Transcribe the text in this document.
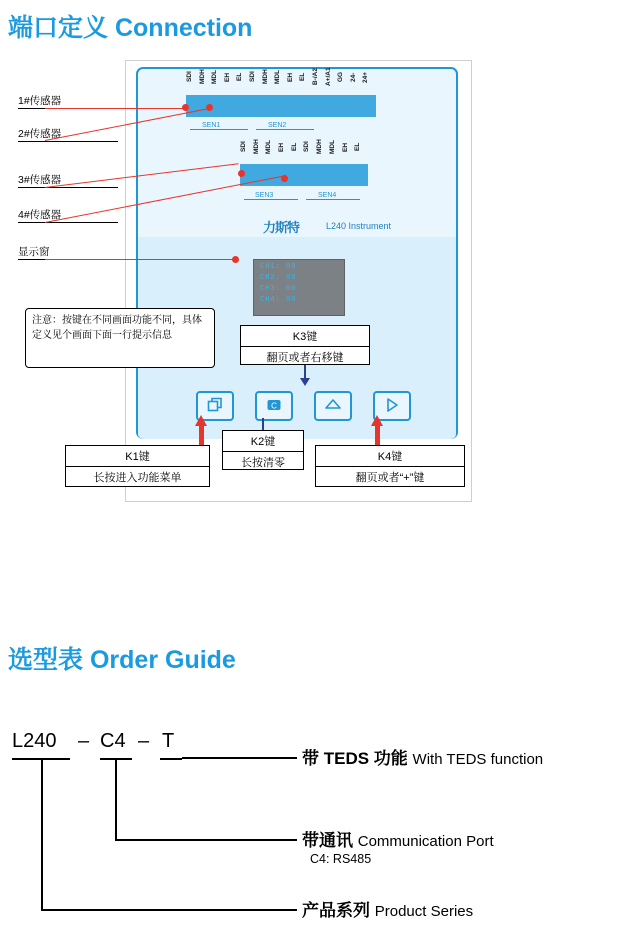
端口定义 Connection
SDI MDH MDL EH EL SDI MDH MDL EH EL B-/A2 A+/A1 GG 24- 24+
SEN1	SEN2
SDI MDH MDL EH EL SDI MDH MDL EH EL
SEN3	SEN4
力斯特	L240 Instrument
CH1: 00
CH2: 00
CH3: 00
CH4: 00
C
1#传感器
2#传感器
3#传感器
4#传感器
显示窗
注意：按键在不同画面功能不同，具体定义见个画面下面一行提示信息	K3键
翻页或者右移键
K1键
长按进入功能菜单
K2键
长按清零	K4键
翻页或者“+”键
选型表 Order Guide
L240 – C4 – T
带 TEDS 功能 With TEDS function
带通讯 Communication Port
C4: RS485
产品系列 Product Series
